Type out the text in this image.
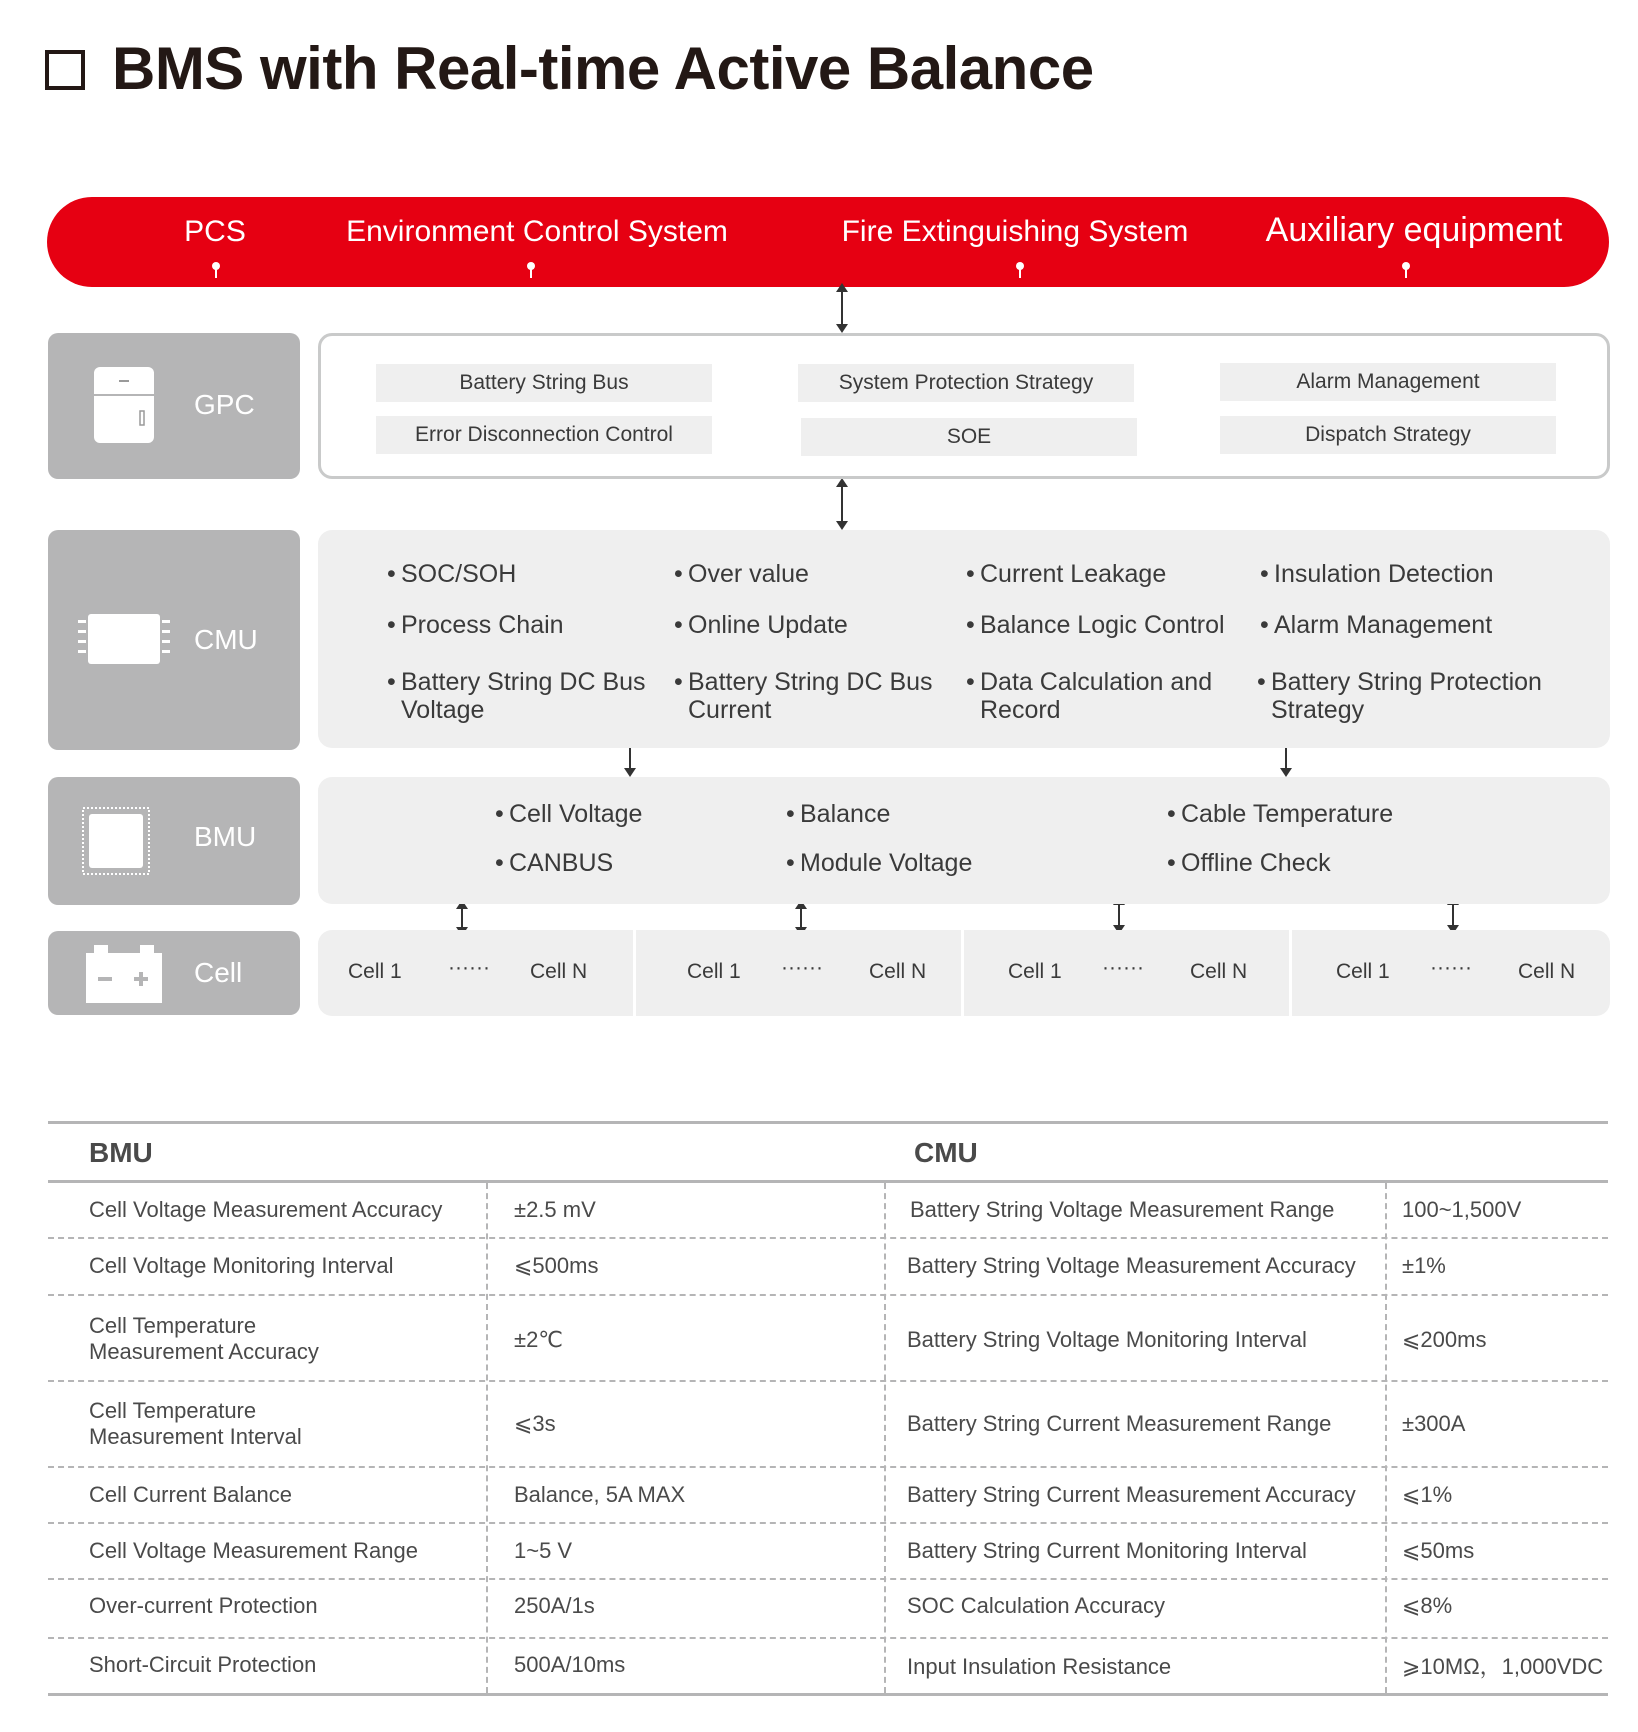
BMS with Real-time Active Balance
PCS	Environment Control System	Fire Extinguishing System Auxiliary equipment
GPC
Battery String Bus
Error Disconnection Control
System Protection Strategy
SOE
Alarm Management
Dispatch Strategy
CMU
• SOC/SOH
• Process Chain
• Battery String DC Bus
Voltage
• Over value
• Online Update
• Battery String DC Bus
Current
• Current Leakage
• Balance Logic Control
• Data Calculation and
Record
• Insulation Detection
• Alarm Management
• Battery String Protection
Strategy
BMU
• Cell Voltage
• CANBUS
• Balance
• Module Voltage
• Cable Temperature
• Offline Check
Cell	Cell 1 ······ Cell N	Cell 1 ······ Cell N	Cell 1 ······ Cell N	Cell 1 ······ Cell N
BMU	CMU
Cell Voltage Measurement Accuracy	±2.5 mV	Battery String Voltage Measurement Range	100~1,500V
Cell Voltage Monitoring Interval	⩽500ms	Battery String Voltage Measurement Accuracy ±1%
Cell Temperature
Measurement Accuracy	±2℃	Battery String Voltage Monitoring Interval	⩽200ms
Cell Temperature
Measurement Interval
⩽3s	Battery String Current Measurement Range	±300A
Cell Current Balance	Balance, 5A MAX	Battery String Current Measurement Accuracy ⩽1%
Cell Voltage Measurement Range	1~5 V	Battery String Current Monitoring Interval	⩽50ms
Over-current Protection	250A/1s	SOC Calculation Accuracy	⩽8%
Short-Circuit Protection	500A/10ms	Input Insulation Resistance	⩾10MΩ，1,000VDC
